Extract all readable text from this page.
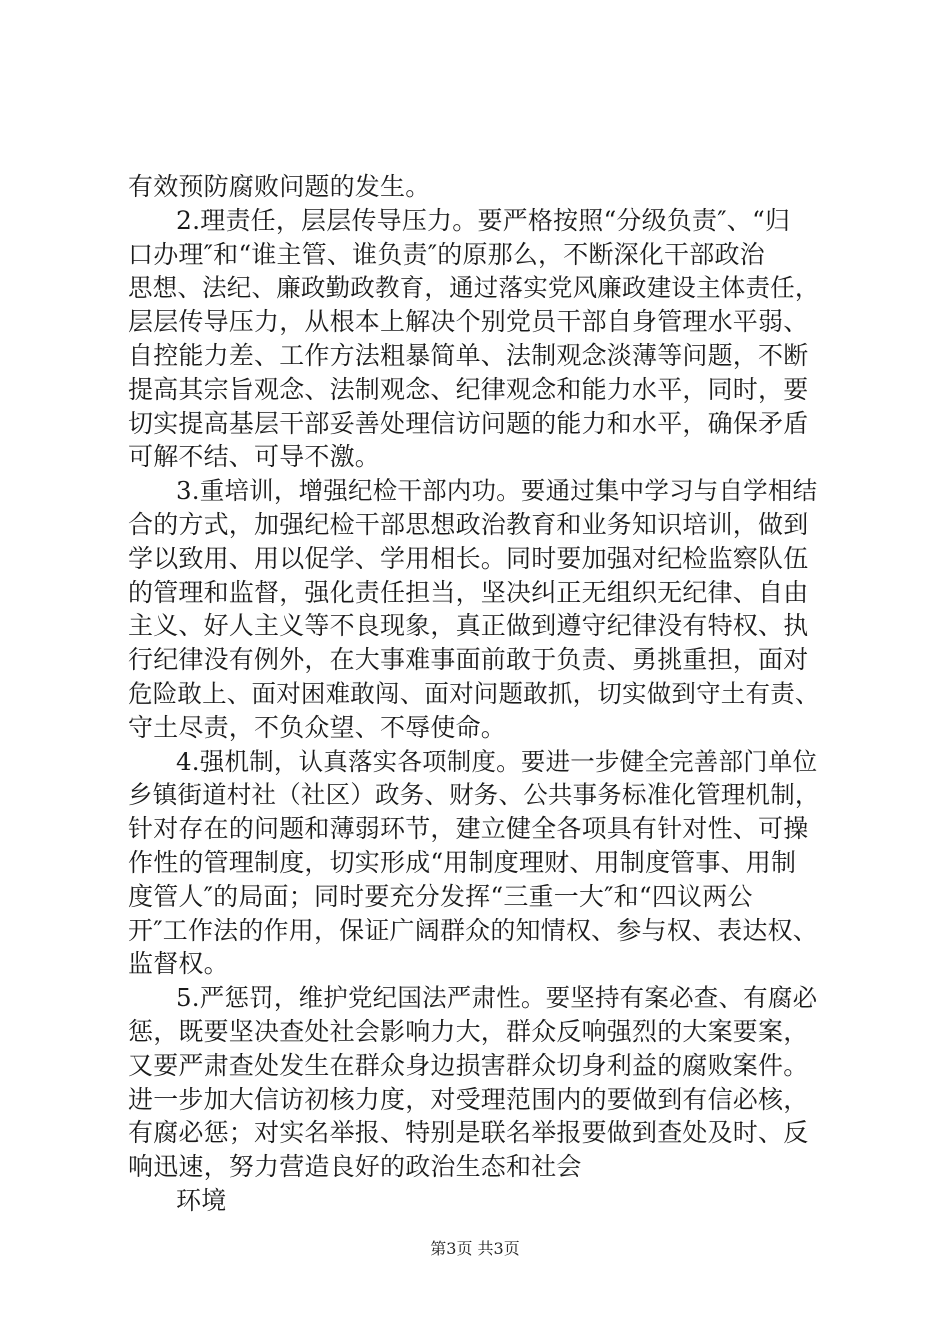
有效预防腐败问题的发生。
2.理责任，层层传导压力。要严格按照“分级负责″、“归
口办理″和“谁主管、谁负责″的原那么，不断深化干部政治
思想、法纪、廉政勤政教育，通过落实党风廉政建设主体责任，
层层传导压力，从根本上解决个别党员干部自身管理水平弱、
自控能力差、工作方法粗暴简单、法制观念淡薄等问题，不断
提高其宗旨观念、法制观念、纪律观念和能力水平，同时，要
切实提高基层干部妥善处理信访问题的能力和水平，确保矛盾
可解不结、可导不激。
3.重培训，增强纪检干部内功。要通过集中学习与自学相结
合的方式，加强纪检干部思想政治教育和业务知识培训，做到
学以致用、用以促学、学用相长。同时要加强对纪检监察队伍
的管理和监督，强化责任担当，坚决纠正无组织无纪律、自由
主义、好人主义等不良现象，真正做到遵守纪律没有特权、执
行纪律没有例外，在大事难事面前敢于负责、勇挑重担，面对
危险敢上、面对困难敢闯、面对问题敢抓，切实做到守土有责、
守土尽责，不负众望、不辱使命。
4.强机制，认真落实各项制度。要进一步健全完善部门单位
乡镇街道村社（社区）政务、财务、公共事务标准化管理机制，
针对存在的问题和薄弱环节，建立健全各项具有针对性、可操
作性的管理制度，切实形成“用制度理财、用制度管事、用制
度管人″的局面；同时要充分发挥“三重一大″和“四议两公
开″工作法的作用，保证广阔群众的知情权、参与权、表达权、
监督权。
5.严惩罚，维护党纪国法严肃性。要坚持有案必查、有腐必
惩，既要坚决查处社会影响力大，群众反响强烈的大案要案，
又要严肃查处发生在群众身边损害群众切身利益的腐败案件。
进一步加大信访初核力度，对受理范围内的要做到有信必核，
有腐必惩；对实名举报、特别是联名举报要做到查处及时、反
响迅速，努力营造良好的政治生态和社会
环境
第3页 共3页
